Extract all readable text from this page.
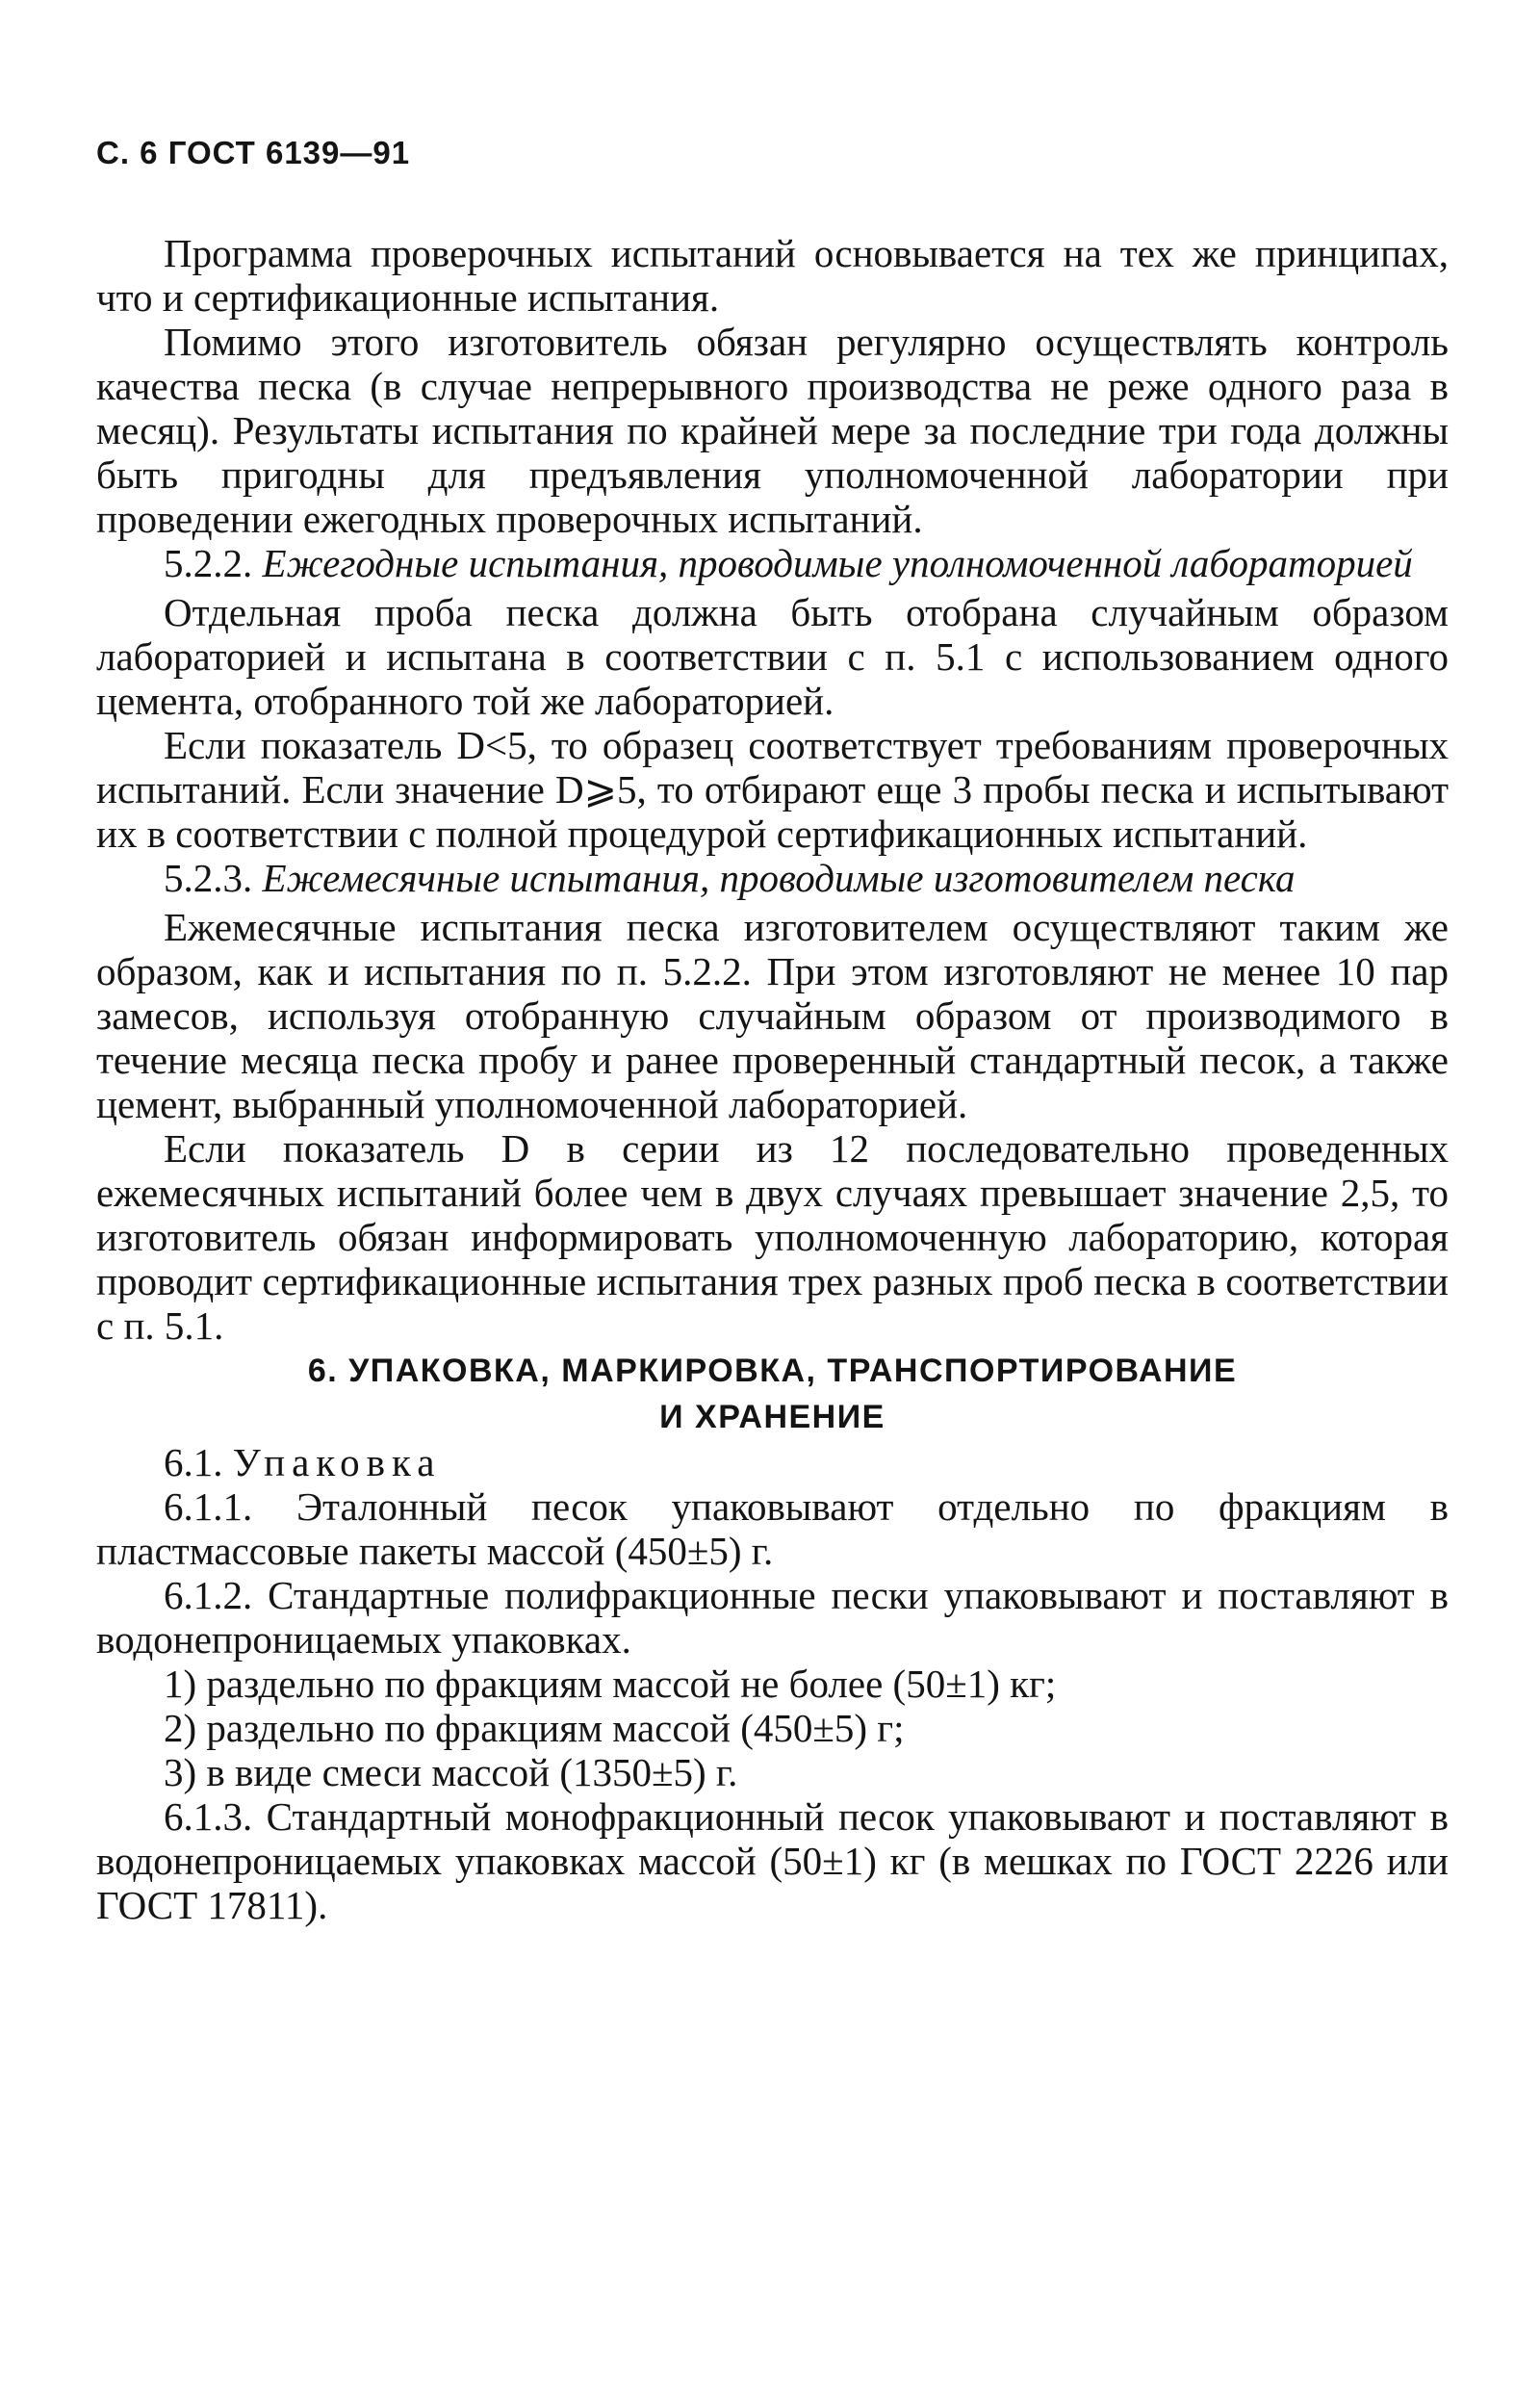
С. 6 ГОСТ 6139—91

Программа проверочных испытаний основывается на тех же принципах, что и сертификационные испытания.

Помимо этого изготовитель обязан регулярно осуществлять контроль качества песка (в случае непрерывного производства не реже одного раза в месяц). Результаты испытания по крайней мере за последние три года должны быть пригодны для предъявления уполномоченной лаборатории при проведении ежегодных проверочных испытаний.

5.2.2. Ежегодные испытания, проводимые уполномоченной лабораторией

Отдельная проба песка должна быть отобрана случайным образом лабораторией и испытана в соответствии с п. 5.1 с использованием одного цемента, отобранного той же лабораторией.

Если показатель D<5, то образец соответствует требованиям проверочных испытаний. Если значение D⩾5, то отбирают еще 3 пробы песка и испытывают их в соответствии с полной процедурой сертификационных испытаний.

5.2.3. Ежемесячные испытания, проводимые изготовителем песка

Ежемесячные испытания песка изготовителем осуществляют таким же образом, как и испытания по п. 5.2.2. При этом изготовляют не менее 10 пар замесов, используя отобранную случайным образом от производимого в течение месяца песка пробу и ранее проверенный стандартный песок, а также цемент, выбранный уполномоченной лабораторией.

Если показатель D в серии из 12 последовательно проведенных ежемесячных испытаний более чем в двух случаях превышает значение 2,5, то изготовитель обязан информировать уполномоченную лабораторию, которая проводит сертификационные испытания трех разных проб песка в соответствии с п. 5.1.

6. УПАКОВКА, МАРКИРОВКА, ТРАНСПОРТИРОВАНИЕ
И ХРАНЕНИЕ

6.1. Упаковка

6.1.1. Эталонный песок упаковывают отдельно по фракциям в пластмассовые пакеты массой (450±5) г.

6.1.2. Стандартные полифракционные пески упаковывают и поставляют в водонепроницаемых упаковках.

1) раздельно по фракциям массой не более (50±1) кг;

2) раздельно по фракциям массой (450±5) г;

3) в виде смеси массой (1350±5) г.

6.1.3. Стандартный монофракционный песок упаковывают и поставляют в водонепроницаемых упаковках массой (50±1) кг (в мешках по ГОСТ 2226 или ГОСТ 17811).
